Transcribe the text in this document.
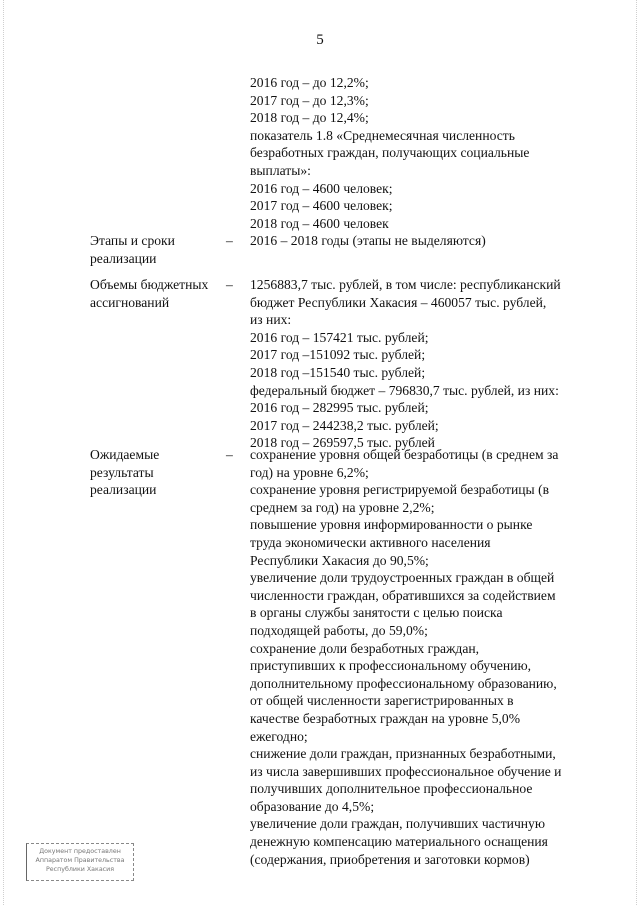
5
2016 год – до 12,2%;
2017 год – до 12,3%;
2018 год – до 12,4%;
показатель 1.8 «Среднемесячная численность
безработных граждан, получающих социальные
выплаты»:
2016 год – 4600 человек;
2017 год – 4600 человек;
2018 год – 4600 человек
Этапы и сроки
реализации
– 2016 – 2018 годы (этапы не выделяются)
Объемы бюджетных
ассигнований
– 1256883,7 тыс. рублей, в том числе: республиканский
бюджет Республики Хакасия – 460057 тыс. рублей,
из них:
2016 год – 157421 тыс. рублей;
2017 год –151092 тыс. рублей;
2018 год –151540 тыс. рублей;
федеральный бюджет – 796830,7 тыс. рублей, из них:
2016 год – 282995 тыс. рублей;
2017 год – 244238,2 тыс. рублей;
2018 год – 269597,5 тыс. рублей
Ожидаемые
результаты
реализации
– сохранение уровня общей безработицы (в среднем за
год) на уровне 6,2%;
сохранение уровня регистрируемой безработицы (в
среднем за год) на уровне 2,2%;
повышение уровня информированности о рынке
труда экономически активного населения
Республики Хакасия до 90,5%;
увеличение доли трудоустроенных граждан в общей
численности граждан, обратившихся за содействием
в органы службы занятости с целью поиска
подходящей работы, до 59,0%;
сохранение доли безработных граждан,
приступивших к профессиональному обучению,
дополнительному профессиональному образованию,
от общей численности зарегистрированных в
качестве безработных граждан на уровне 5,0%
ежегодно;
снижение доли граждан, признанных безработными,
из числа завершивших профессиональное обучение и
получивших дополнительное профессиональное
образование до 4,5%;
увеличение доли граждан, получивших частичную
денежную компенсацию материального оснащения
(содержания, приобретения и заготовки кормов)
Документ предоставлен
Аппаратом Правительства
Республики Хакасия
